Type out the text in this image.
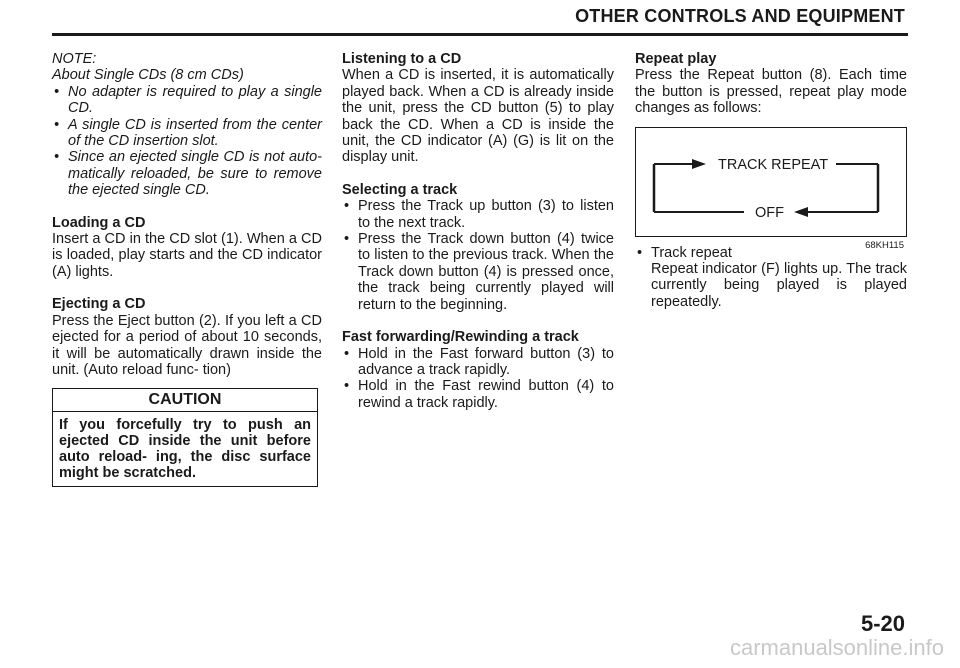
OTHER CONTROLS AND EQUIPMENT

NOTE:

About Single CDs (8 cm CDs)

• No adapter is required to play a single CD.

• A single CD is inserted from the center of the CD insertion slot.

• Since an ejected single CD is not auto- matically reloaded, be sure to remove the ejected single CD.

Loading a CD

Insert a CD in the CD slot (1). When a CD is loaded, play starts and the CD indicator (A) lights.

Ejecting a CD

Press the Eject button (2). If you left a CD ejected for a period of about 10 seconds, it will be automatically drawn inside the unit. (Auto reload func- tion)

CAUTION
If you forcefully try to push an ejected CD inside the unit before auto reload- ing, the disc surface might be scratched.

Listening to a CD

When a CD is inserted, it is automatically played back. When a CD is already inside the unit, press the CD button (5) to play back the CD. When a CD is inside the unit, the CD indicator (A) (G) is lit on the display unit.

Selecting a track

• Press the Track up button (3) to listen to the next track.

• Press the Track down button (4) twice to listen to the previous track. When the Track down button (4) is pressed once, the track being currently played will return to the beginning.

Fast forwarding/Rewinding a track

• Hold in the Fast forward button (3) to advance a track rapidly.

• Hold in the Fast rewind button (4) to rewind a track rapidly.

Repeat play

Press the Repeat button (8). Each time the button is pressed, repeat play mode changes as follows:

TRACK REPEAT
OFF
68KH115

• Track repeat

Repeat indicator (F) lights up. The track currently being played is played repeatedly.

5-20
carmanualsonline.info
